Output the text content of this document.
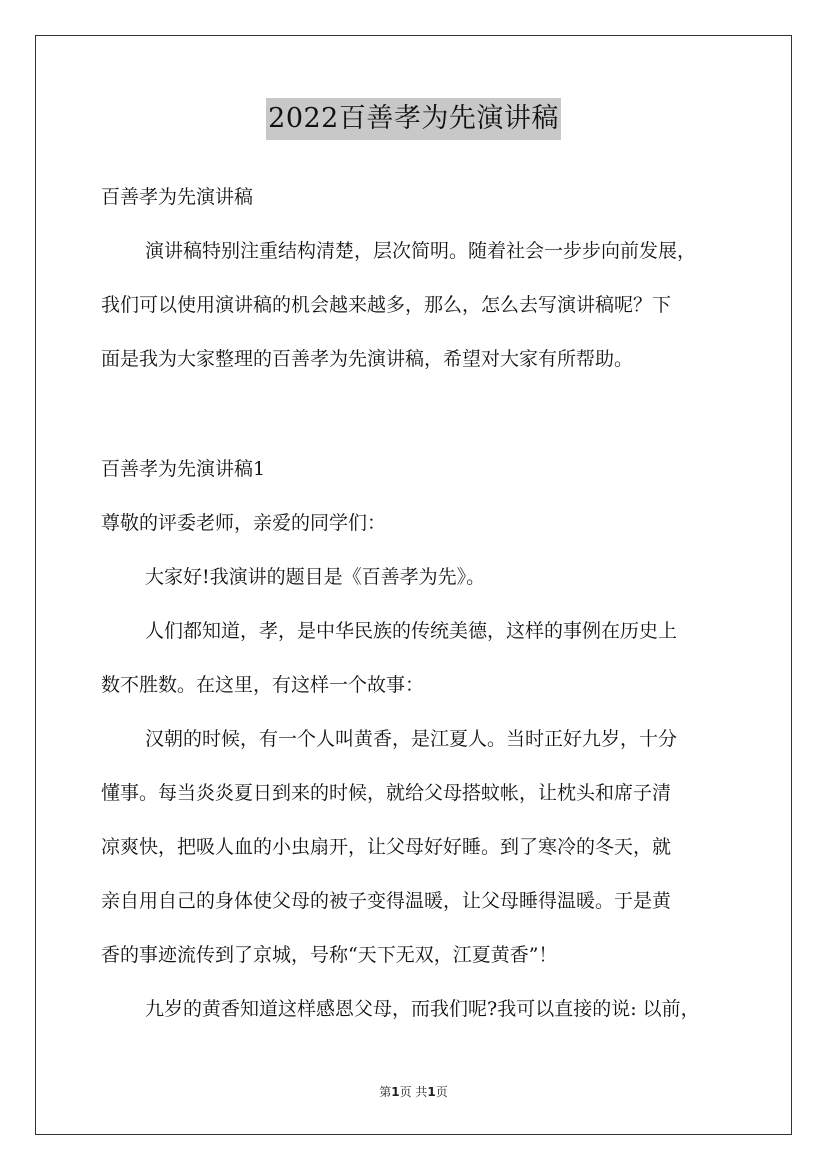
2022百善孝为先演讲稿
百善孝为先演讲稿
演讲稿特别注重结构清楚，层次简明。随着社会一步步向前发展，
我们可以使用演讲稿的机会越来越多，那么，怎么去写演讲稿呢？下
面是我为大家整理的百善孝为先演讲稿，希望对大家有所帮助。
百善孝为先演讲稿1
尊敬的评委老师，亲爱的同学们：
大家好!我演讲的题目是《百善孝为先》。
人们都知道，孝，是中华民族的传统美德，这样的事例在历史上
数不胜数。在这里，有这样一个故事：
汉朝的时候，有一个人叫黄香，是江夏人。当时正好九岁，十分
懂事。每当炎炎夏日到来的时候，就给父母搭蚊帐，让枕头和席子清
凉爽快，把吸人血的小虫扇开，让父母好好睡。到了寒冷的冬天，就
亲自用自己的身体使父母的被子变得温暖，让父母睡得温暖。于是黄
香的事迹流传到了京城，号称“天下无双，江夏黄香”！
九岁的黄香知道这样感恩父母，而我们呢?我可以直接的说: 以前，
第1页 共1页
